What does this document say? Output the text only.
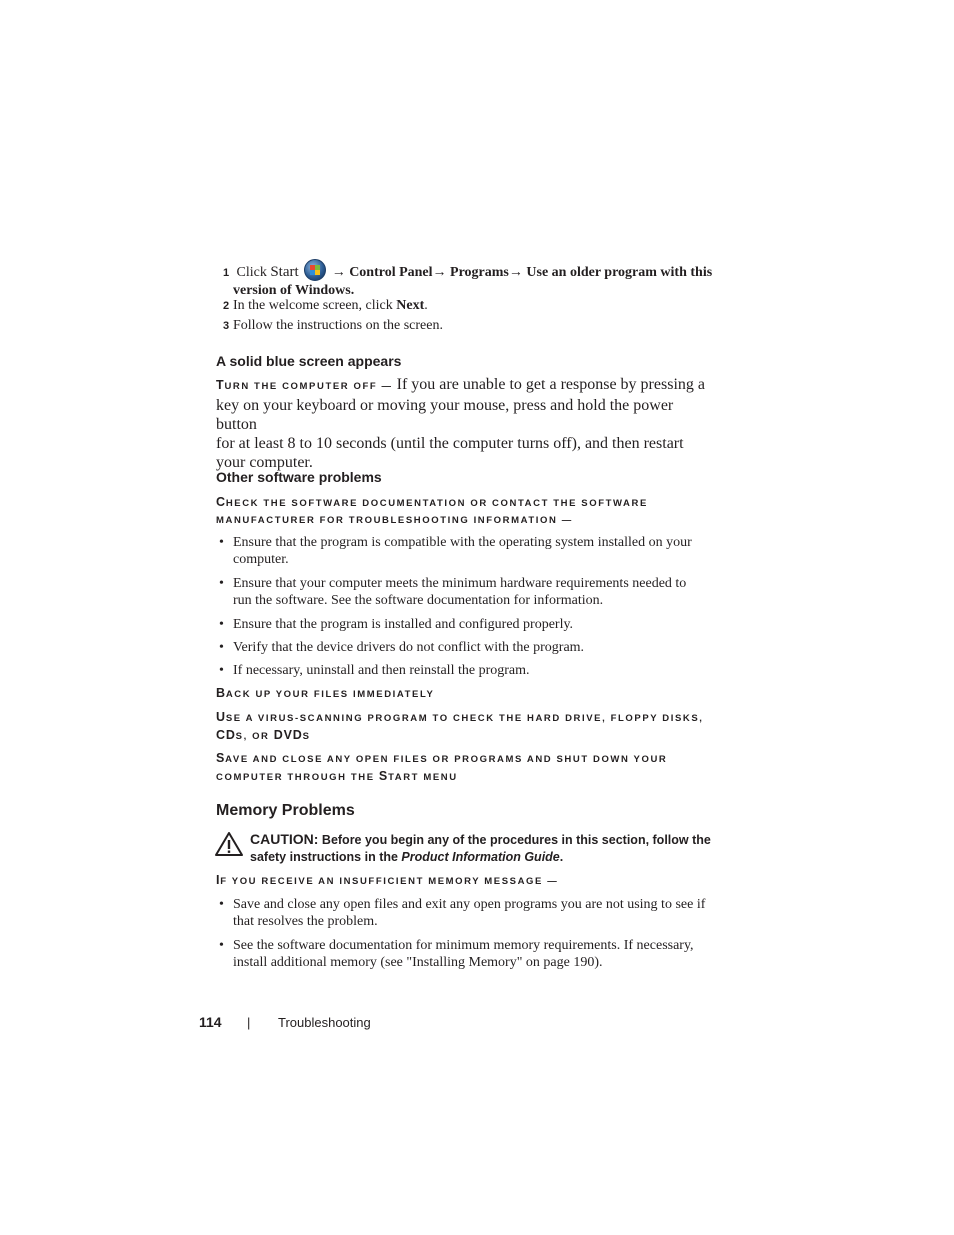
1 Click Start
→ Control Panel→ Programs→ Use an older program with this
version of Windows.
2 In the welcome screen, click Next.
3 Follow the instructions on the screen.
A solid blue screen appears
TURN THE COMPUTER OFF — If you are unable to get a response by pressing a
key on your keyboard or moving your mouse, press and hold the power button
for at least 8 to 10 seconds (until the computer turns off), and then restart
your computer.
Other software problems
CHECK THE SOFTWARE DOCUMENTATION OR CONTACT THE SOFTWARE
MANUFACTURER FOR TROUBLESHOOTING INFORMATION —
• Ensure that the program is compatible with the operating system installed on your
computer.
• Ensure that your computer meets the minimum hardware requirements needed to
run the software. See the software documentation for information.
• Ensure that the program is installed and configured properly.
• Verify that the device drivers do not conflict with the program.
• If necessary, uninstall and then reinstall the program.
BACK UP YOUR FILES IMMEDIATELY
USE A VIRUS-SCANNING PROGRAM TO CHECK THE HARD DRIVE, FLOPPY DISKS,
CDS, OR DVDS
SAVE AND CLOSE ANY OPEN FILES OR PROGRAMS AND SHUT DOWN YOUR
COMPUTER THROUGH THE START MENU
Memory Problems
CAUTION: Before you begin any of the procedures in this section, follow the
safety instructions in the Product Information Guide.
IF YOU RECEIVE AN INSUFFICIENT MEMORY MESSAGE —
• Save and close any open files and exit any open programs you are not using to see if
that resolves the problem.
• See the software documentation for minimum memory requirements. If necessary,
install additional memory (see "Installing Memory" on page 190).
114 | Troubleshooting
